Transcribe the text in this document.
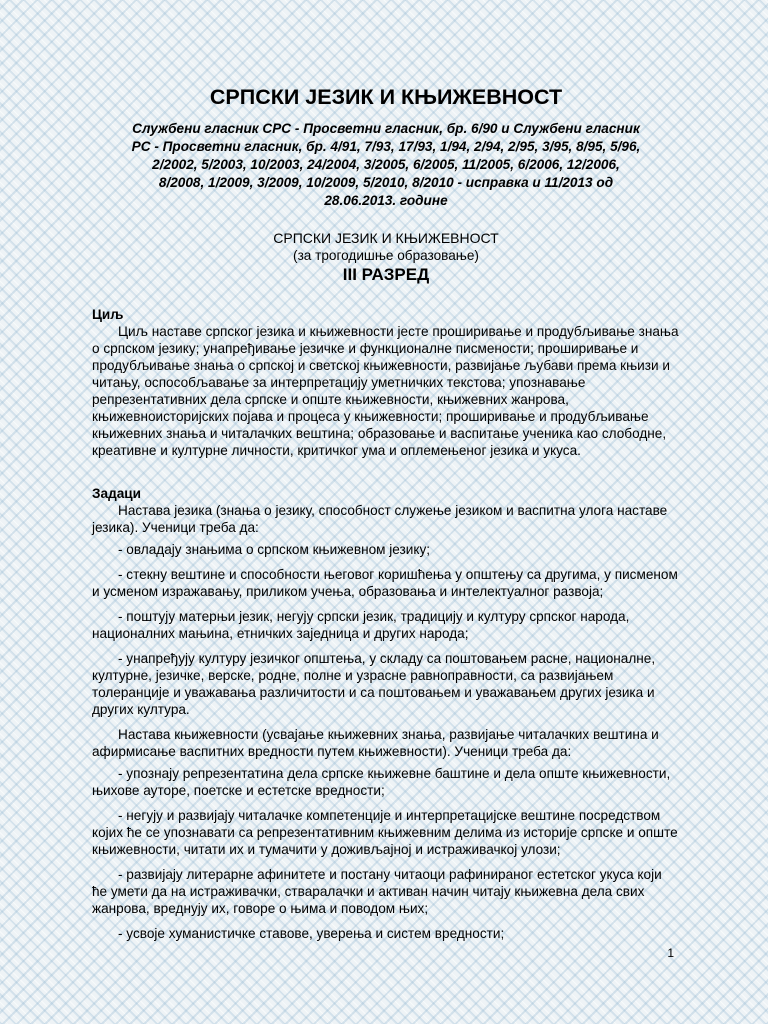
СРПСКИ ЈЕЗИК И КЊИЖЕВНОСТ
Службени гласник СРС - Просветни гласник, бр. 6/90 и Службени гласник
РС - Просветни гласник, бр. 4/91, 7/93, 17/93, 1/94, 2/94, 2/95, 3/95, 8/95, 5/96,
2/2002, 5/2003, 10/2003, 24/2004, 3/2005, 6/2005, 11/2005, 6/2006, 12/2006,
8/2008, 1/2009, 3/2009, 10/2009, 5/2010, 8/2010 - исправка и 11/2013 од
28.06.2013. године
СРПСКИ ЈЕЗИК И КЊИЖЕВНОСТ
(за трогодишње образовање)
III РАЗРЕД
Циљ
Циљ наставе српског језика и књижевности јесте проширивање и продубљивање знања о српском језику; унапређивање језичке и функционалне писмености; проширивање и продубљивање знања о српској и светској књижевности, развијање љубави према књизи и читању, оспособљавање за интерпретацију уметничких текстова; упознавање репрезентативних дела српске и опште књижевности, књижевних жанрова, књижевноисторијских појава и процеса у књижевности; проширивање и продубљивање књижевних знања и читалачких вештина; образовање и васпитање ученика као слободне, креативне и културне личности, критичког ума и оплемењеног језика и укуса.
Задаци
Настава језика (знања о језику, способност служење језиком и васпитна улога наставе језика). Ученици треба да:
- овладају знањима о српском књижевном језику;
- стекну вештине и способности његовог коришћења у општењу са другима, у писменом и усменом изражавању, приликом учења, образовања и интелектуалног развоја;
- поштују матерњи језик, негују српски језик, традицију и културу српског народа, националних мањина, етничких заједница и других народа;
- унапређују културу језичког општења, у складу са поштовањем расне, националне, културне, језичке, верске, родне, полне и узрасне равноправности, са развијањем толеранције и уважавања различитости и са поштовањем и уважавањем других језика и других култура.
Настава књижевности (усвајање књижевних знања, развијање читалачких вештина и афирмисање васпитних вредности путем књижевности). Ученици треба да:
- упознају репрезентатина дела српске књижевне баштине и дела опште књижевности, њихове ауторе, поетске и естетске вредности;
- негују и развијају читалачке компетенције и интерпретацијске вештине посредством којих ће се упознавати са репрезентативним књижевним делима из историје српске и опште књижевности, читати их и тумачити у доживљајној и истраживачкој улози;
- развијају литерарне афинитете и постану читаоци рафинираног естетског укуса који ће умети да на истраживачки, стваралачки и активан начин читају књижевна дела свих жанрова, вреднују их, говоре о њима и поводом њих;
- усвоје хуманистичке ставове, уверења и систем вредности;
1
